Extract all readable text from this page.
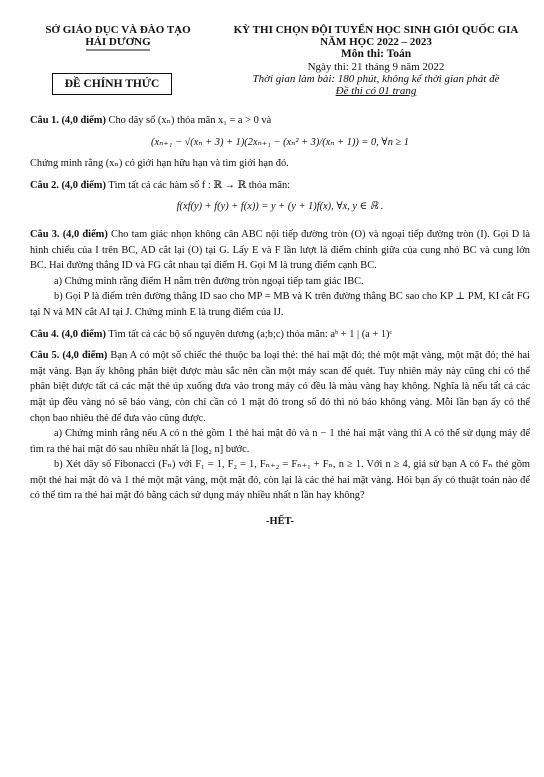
SỞ GIÁO DỤC VÀ ĐÀO TẠO
HẢI DƯƠNG
KỲ THI CHỌN ĐỘI TUYỂN HỌC SINH GIỎI QUỐC GIA
NĂM HỌC 2022 – 2023
Môn thi: Toán
Ngày thi: 21 tháng 9 năm 2022
Thời gian làm bài: 180 phút, không kể thời gian phát đề
Đề thi có 01 trang
ĐỀ CHÍNH THỨC

Câu 1. (4,0 điểm) Cho dãy số (xₙ) thỏa mãn x₁ = a > 0 và

(xₙ₊₁ − √(xₙ + 3) + 1)(2xₙ₊₁ − (xₙ² + 3)/(xₙ + 1)) = 0, ∀n ≥ 1

Chứng minh rằng (xₙ) có giới hạn hữu hạn và tìm giới hạn đó.

Câu 2. (4,0 điểm) Tìm tất cả các hàm số f : ℝ → ℝ thỏa mãn:

f(xf(y) + f(y) + f(x)) = y + (y + 1)f(x), ∀x, y ∈ ℝ .

Câu 3. (4,0 điểm) Cho tam giác nhọn không cân ABC nội tiếp đường tròn (O) và ngoại tiếp đường tròn (I). Gọi D là hình chiếu của I trên BC, AD cắt lại (O) tại G. Lấy E và F lần lượt là điểm chính giữa của cung nhỏ BC và cung lớn BC. Hai đường thẳng ID và FG cắt nhau tại điểm H. Gọi M là trung điểm cạnh BC.

a) Chứng minh rằng điểm H nằm trên đường tròn ngoại tiếp tam giác IBC.

b) Gọi P là điểm trên đường thẳng ID sao cho MP = MB và K trên đường thẳng BC sao cho KP ⊥ PM, KI cắt FG tại N và MN cắt AI tại J. Chứng minh E là trung điểm của IJ.

Câu 4. (4,0 điểm) Tìm tất cả các bộ số nguyên dương (a;b;c) thỏa mãn: aᵇ + 1 | (a + 1)ᶜ

Câu 5. (4,0 điểm) Bạn A có một số chiếc thẻ thuộc ba loại thẻ: thẻ hai mặt đỏ; thẻ một mặt vàng, một mặt đỏ; thẻ hai mặt vàng. Bạn ấy không phân biệt được màu sắc nên cần một máy scan để quét. Tuy nhiên máy này cũng chỉ có thể phân biệt được tất cả các mặt thẻ úp xuống đưa vào trong máy có đều là màu vàng hay không. Nghĩa là nếu tất cả các mặt úp đều vàng nó sẽ báo vàng, còn chỉ cần có 1 mặt đỏ trong số đó thì nó báo không vàng. Mỗi lần bạn ấy có thể chọn bao nhiêu thẻ để đưa vào cũng được.

a) Chứng minh rằng nếu A có n thẻ gồm 1 thẻ hai mặt đỏ và n − 1 thẻ hai mặt vàng thì A có thể sử dụng máy để tìm ra thẻ hai mặt đỏ sau nhiều nhất là [log₂ n] bước.

b) Xét dãy số Fibonacci (Fₙ) với F₁ = 1, F₂ = 1, Fₙ₊₂ = Fₙ₊₁ + Fₙ, n ≥ 1. Với n ≥ 4, giả sử bạn A có Fₙ thẻ gồm một thẻ hai mặt đỏ và 1 thẻ một mặt vàng, một mặt đỏ, còn lại là các thẻ hai mặt vàng. Hỏi bạn ấy có thuật toán nào để có thể tìm ra thẻ hai mặt đỏ bằng cách sử dụng máy nhiều nhất n lần hay không?

-HẾT-
